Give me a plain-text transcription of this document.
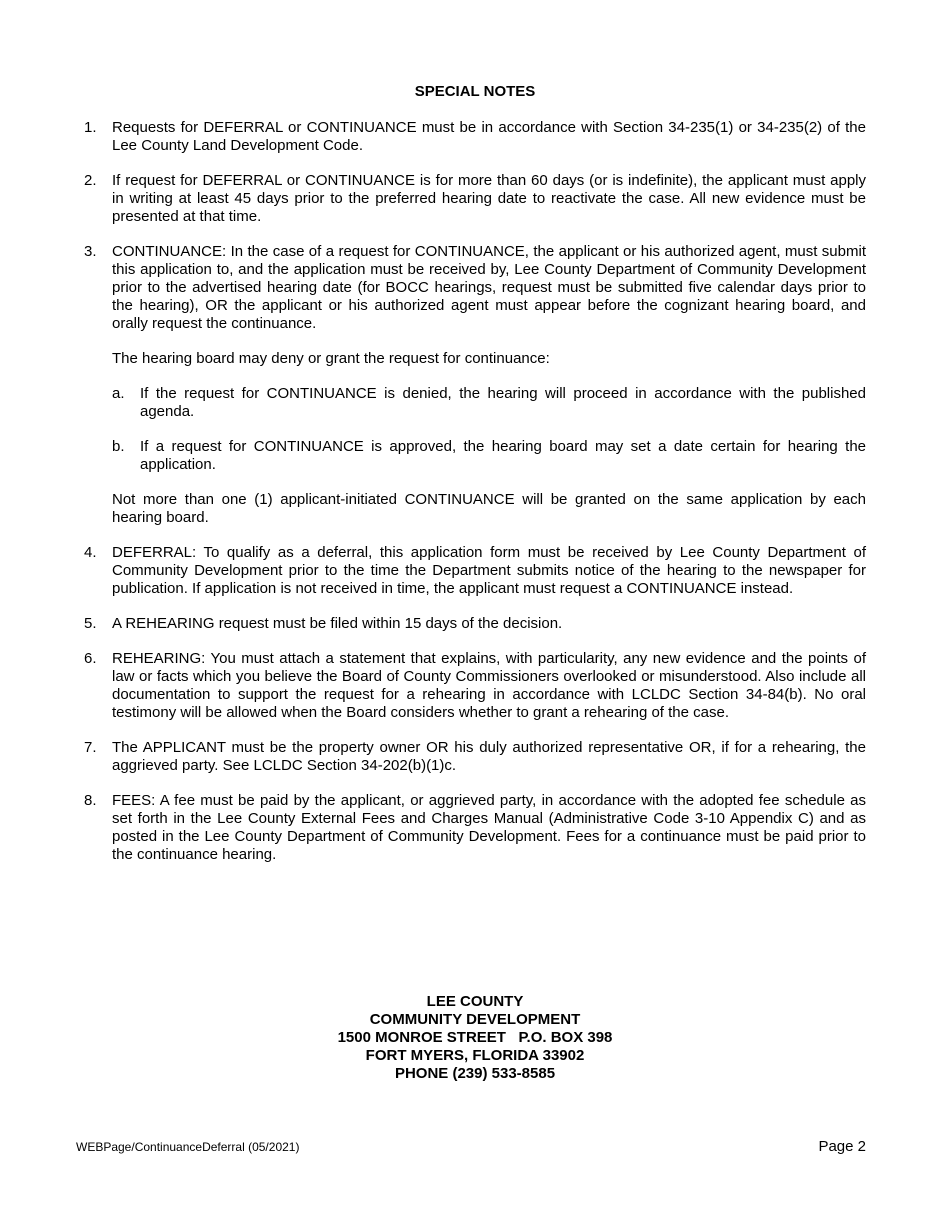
SPECIAL NOTES
1. Requests for DEFERRAL or CONTINUANCE must be in accordance with Section 34-235(1) or 34-235(2) of the Lee County Land Development Code.
2. If request for DEFERRAL or CONTINUANCE is for more than 60 days (or is indefinite), the applicant must apply in writing at least 45 days prior to the preferred hearing date to reactivate the case. All new evidence must be presented at that time.
3. CONTINUANCE: In the case of a request for CONTINUANCE, the applicant or his authorized agent, must submit this application to, and the application must be received by, Lee County Department of Community Development prior to the advertised hearing date (for BOCC hearings, request must be submitted five calendar days prior to the hearing), OR the applicant or his authorized agent must appear before the cognizant hearing board, and orally request the continuance.
The hearing board may deny or grant the request for continuance:
a. If the request for CONTINUANCE is denied, the hearing will proceed in accordance with the published agenda.
b. If a request for CONTINUANCE is approved, the hearing board may set a date certain for hearing the application.
Not more than one (1) applicant-initiated CONTINUANCE will be granted on the same application by each hearing board.
4. DEFERRAL: To qualify as a deferral, this application form must be received by Lee County Department of Community Development prior to the time the Department submits notice of the hearing to the newspaper for publication. If application is not received in time, the applicant must request a CONTINUANCE instead.
5. A REHEARING request must be filed within 15 days of the decision.
6. REHEARING: You must attach a statement that explains, with particularity, any new evidence and the points of law or facts which you believe the Board of County Commissioners overlooked or misunderstood. Also include all documentation to support the request for a rehearing in accordance with LCLDC Section 34-84(b). No oral testimony will be allowed when the Board considers whether to grant a rehearing of the case.
7. The APPLICANT must be the property owner OR his duly authorized representative OR, if for a rehearing, the aggrieved party. See LCLDC Section 34-202(b)(1)c.
8. FEES: A fee must be paid by the applicant, or aggrieved party, in accordance with the adopted fee schedule as set forth in the Lee County External Fees and Charges Manual (Administrative Code 3-10 Appendix C) and as posted in the Lee County Department of Community Development. Fees for a continuance must be paid prior to the continuance hearing.
LEE COUNTY
COMMUNITY DEVELOPMENT
1500 MONROE STREET   P.O. BOX 398
FORT MYERS, FLORIDA 33902
PHONE (239) 533-8585
WEBPage/ContinuanceDeferral (05/2021)	Page 2
